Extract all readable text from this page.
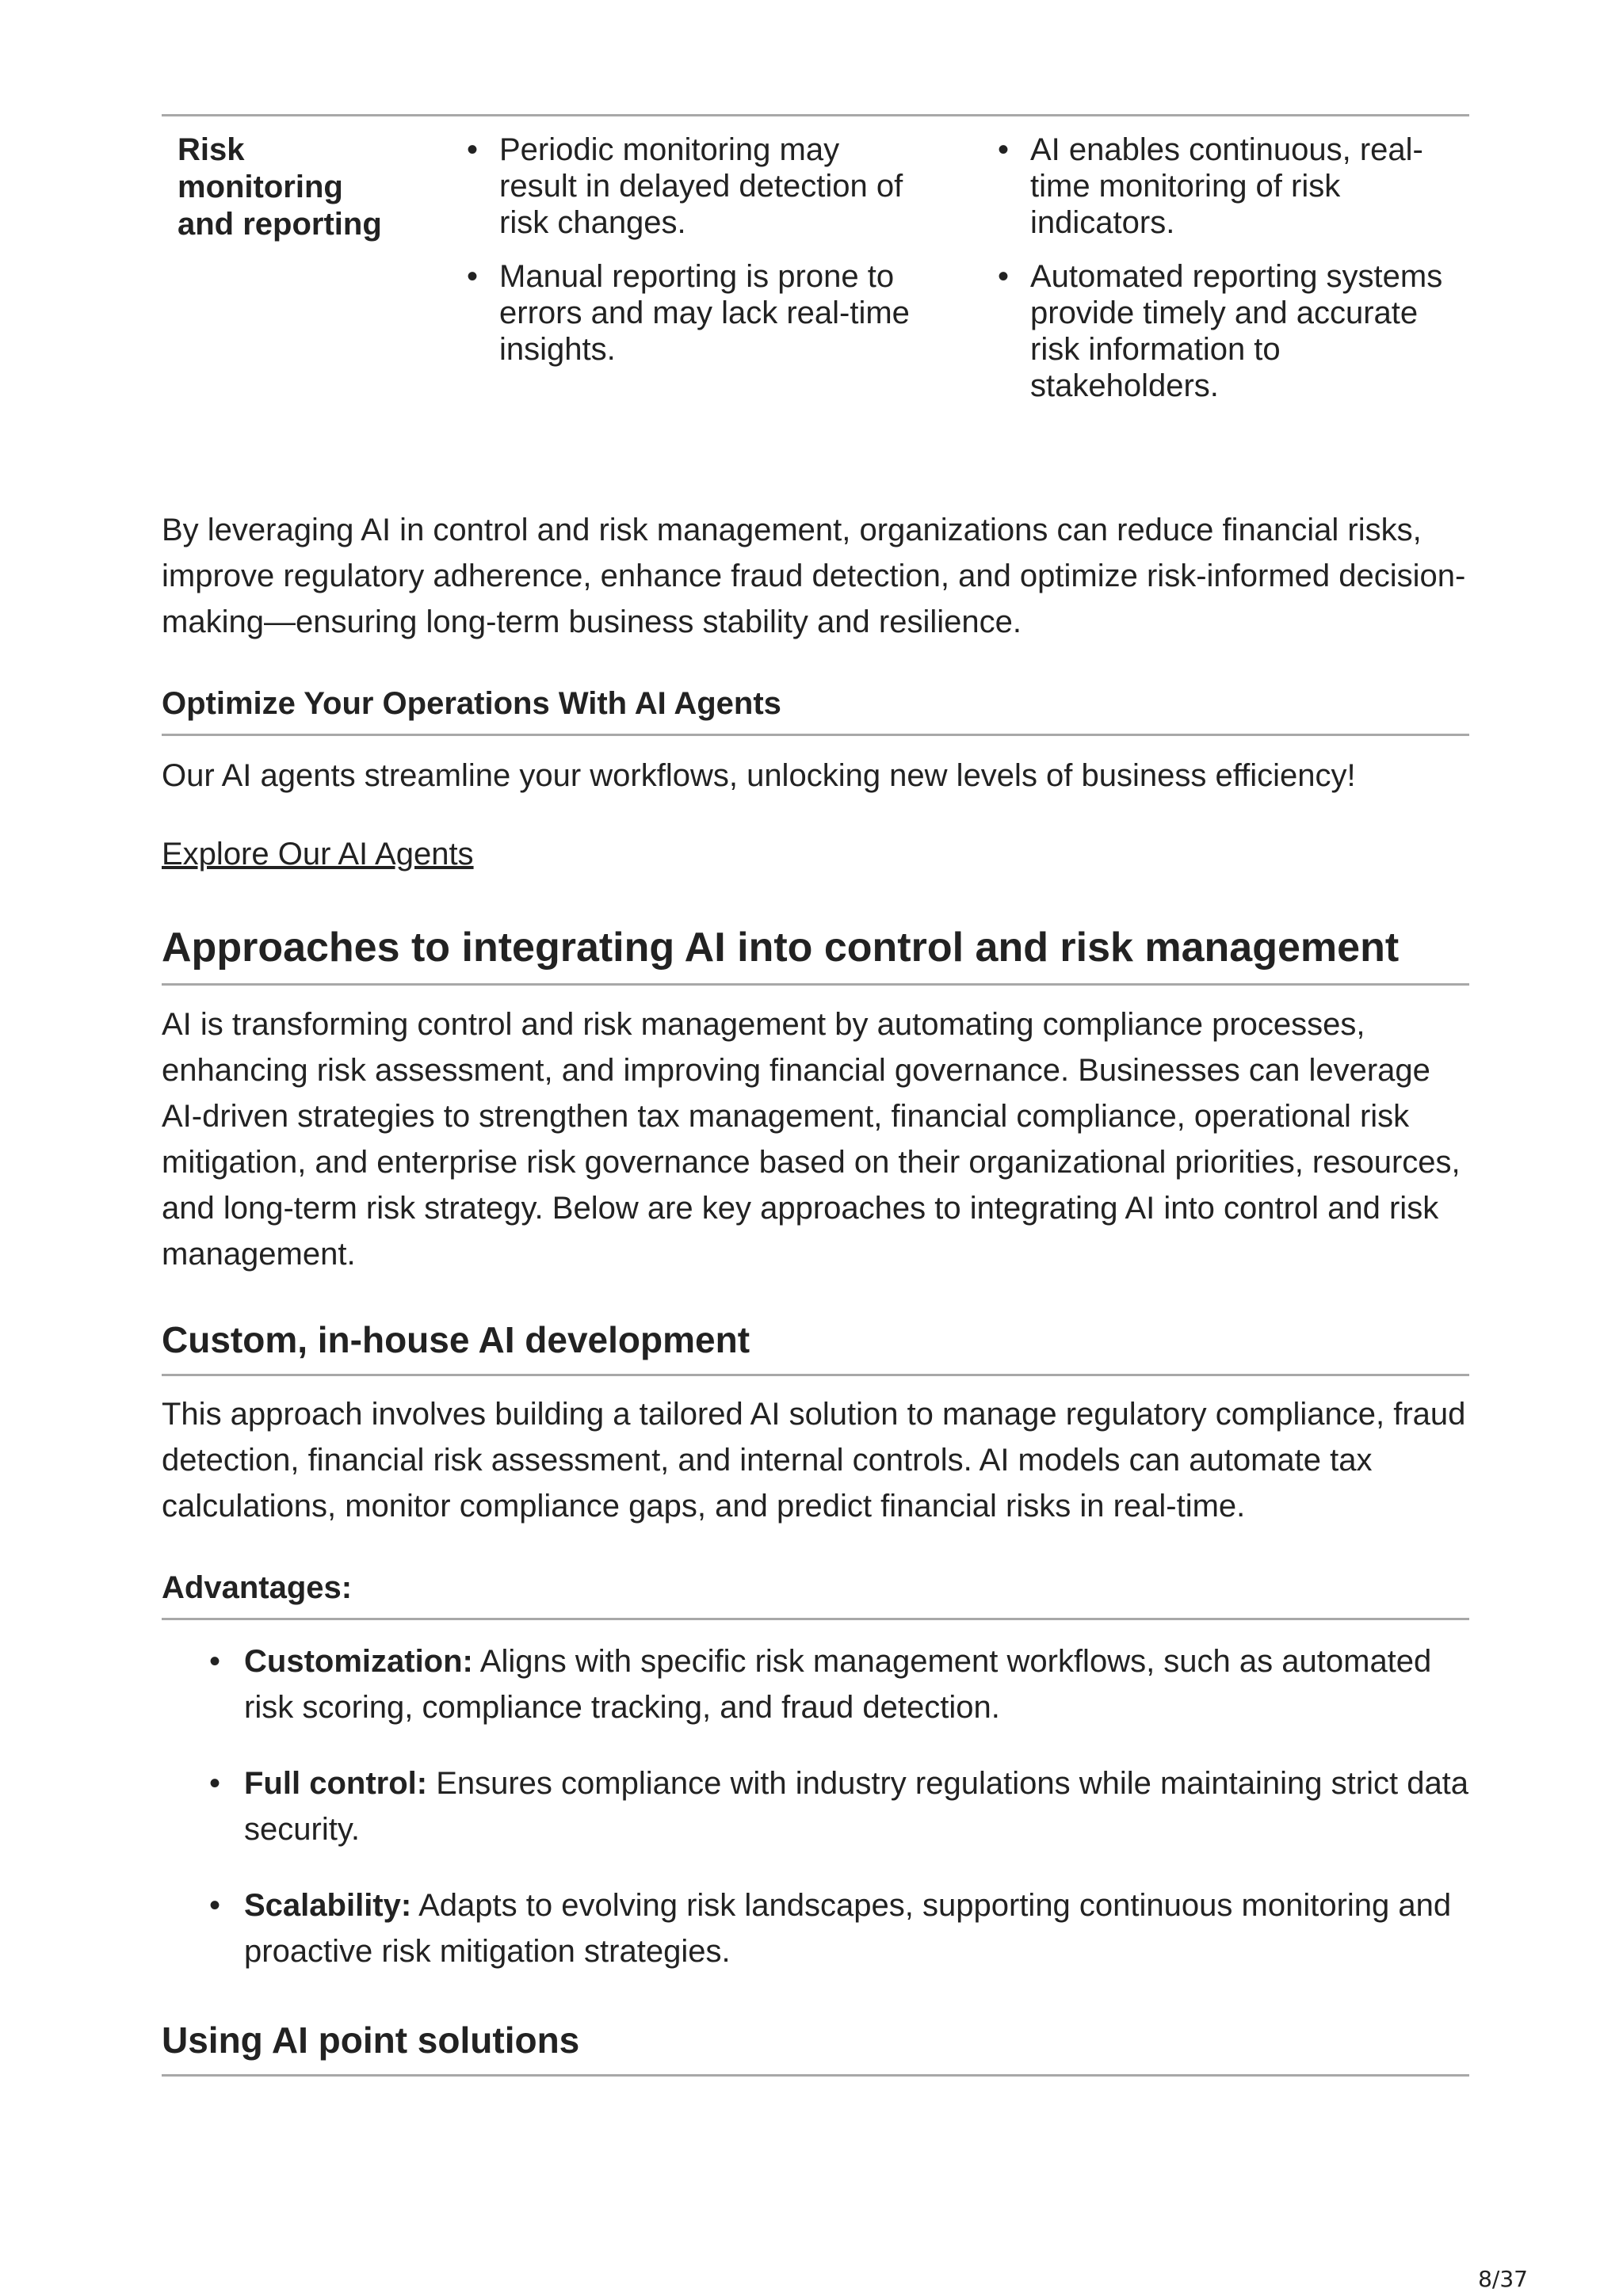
Risk monitoring and reporting
• Periodic monitoring may result in delayed detection of risk changes.
• Manual reporting is prone to errors and may lack real-time insights.
• AI enables continuous, real-time monitoring of risk indicators.
• Automated reporting systems provide timely and accurate risk information to stakeholders.

By leveraging AI in control and risk management, organizations can reduce financial risks, improve regulatory adherence, enhance fraud detection, and optimize risk-informed decision-making—ensuring long-term business stability and resilience.

Optimize Your Operations With AI Agents

Our AI agents streamline your workflows, unlocking new levels of business efficiency!

Explore Our AI Agents
Approaches to integrating AI into control and risk management

AI is transforming control and risk management by automating compliance processes, enhancing risk assessment, and improving financial governance. Businesses can leverage AI-driven strategies to strengthen tax management, financial compliance, operational risk mitigation, and enterprise risk governance based on their organizational priorities, resources, and long-term risk strategy. Below are key approaches to integrating AI into control and risk management.

Custom, in-house AI development

This approach involves building a tailored AI solution to manage regulatory compliance, fraud detection, financial risk assessment, and internal controls. AI models can automate tax calculations, monitor compliance gaps, and predict financial risks in real-time.

Advantages:
• Customization: Aligns with specific risk management workflows, such as automated risk scoring, compliance tracking, and fraud detection.
• Full control: Ensures compliance with industry regulations while maintaining strict data security.
• Scalability: Adapts to evolving risk landscapes, supporting continuous monitoring and proactive risk mitigation strategies.
Using AI point solutions
8/37
